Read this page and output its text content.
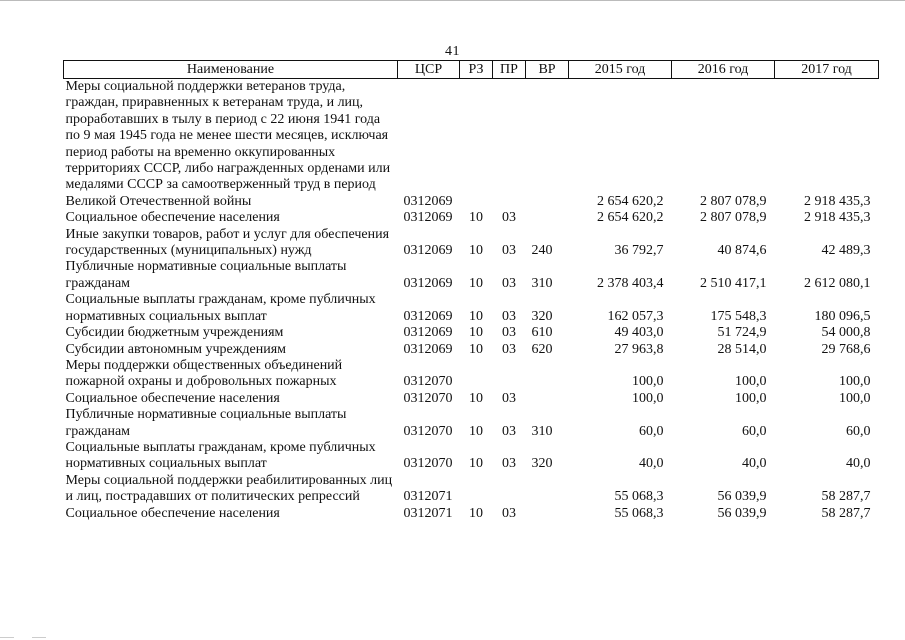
41
Наименование	ЦСР	РЗ	ПР	ВР	2015 год	2016 год	2017 год
Меры социальной поддержки ветеранов труда, граждан, приравненных к ветеранам труда, и лиц, проработавших в тылу в период с 22 июня 1941 года по 9 мая 1945 года не менее шести месяцев, исключая период работы на временно оккупированных территориях СССР, либо награжденных орденами или медалями СССР за самоотверженный труд в период Великой Отечественной войны	0312069				2 654 620,2	2 807 078,9	2 918 435,3
Социальное обеспечение населения	0312069	10	03		2 654 620,2	2 807 078,9	2 918 435,3
Иные закупки товаров, работ и услуг для обеспечения государственных (муниципальных) нужд	0312069	10	03	240	36 792,7	40 874,6	42 489,3
Публичные нормативные социальные выплаты гражданам	0312069	10	03	310	2 378 403,4	2 510 417,1	2 612 080,1
Социальные выплаты гражданам, кроме публичных нормативных социальных выплат	0312069	10	03	320	162 057,3	175 548,3	180 096,5
Субсидии бюджетным учреждениям	0312069	10	03	610	49 403,0	51 724,9	54 000,8
Субсидии автономным учреждениям	0312069	10	03	620	27 963,8	28 514,0	29 768,6
Меры поддержки общественных объединений пожарной охраны и добровольных пожарных	0312070				100,0	100,0	100,0
Социальное обеспечение населения	0312070	10	03		100,0	100,0	100,0
Публичные нормативные социальные выплаты гражданам	0312070	10	03	310	60,0	60,0	60,0
Социальные выплаты гражданам, кроме публичных нормативных социальных выплат	0312070	10	03	320	40,0	40,0	40,0
Меры социальной поддержки реабилитированных лиц и лиц, пострадавших от политических репрессий	0312071				55 068,3	56 039,9	58 287,7
Социальное обеспечение населения	0312071	10	03		55 068,3	56 039,9	58 287,7
